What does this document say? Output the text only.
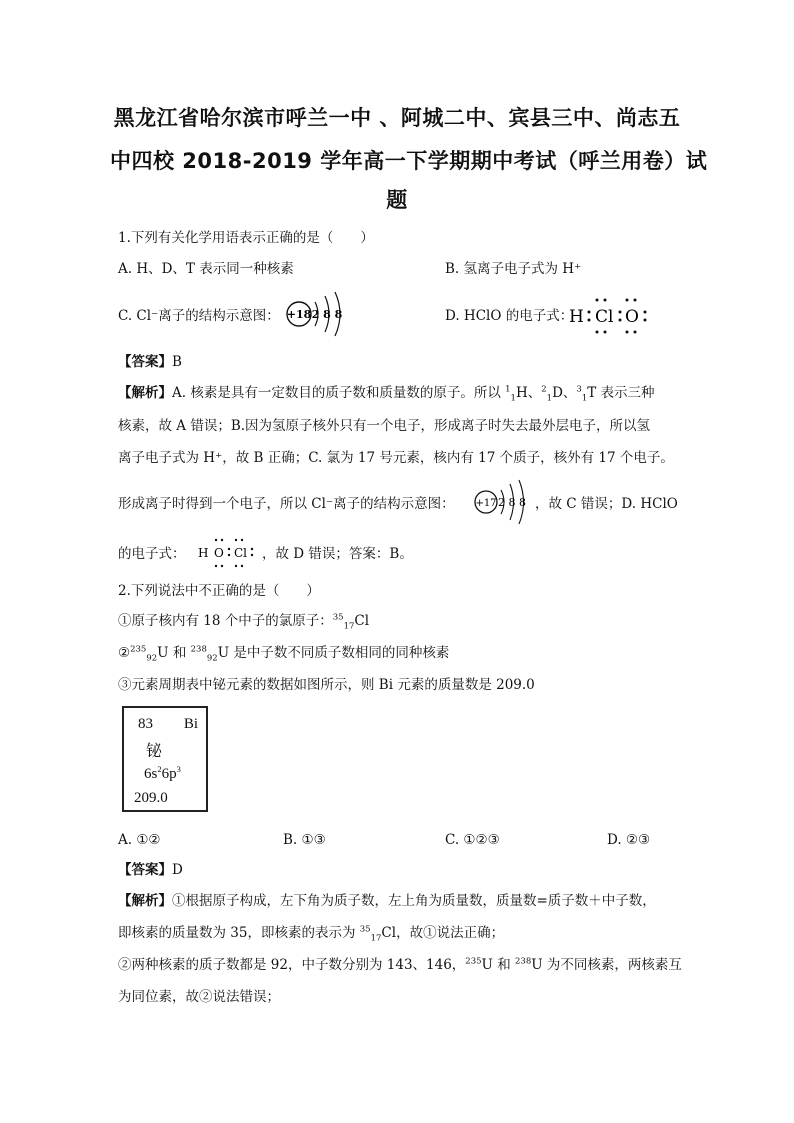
黑龙江省哈尔滨市呼兰一中 、阿城二中、宾县三中、尚志五
中四校 2018-2019 学年高一下学期期中考试（呼兰用卷）试
题
1.下列有关化学用语表示正确的是（　　）
A. H、D、T 表示同一种核素	B. 氢离子电子式为 H⁺
C. Cl⁻离子的结构示意图： +18 2 8 8	D. HClO 的电子式：
H Cl O
【答案】B
【解析】A. 核素是具有一定数目的质子数和质量数的原子。所以 $^1_1$H、$^2_1$D、$^3_1$T 表示三种
核素，故 A 错误；B.因为氢原子核外只有一个电子，形成离子时失去最外层电子，所以氢
离子电子式为 H⁺，故 B 正确；C. 氯为 17 号元素，核内有 17 个质子，核外有 17 个电子。
形成离子时得到一个电子，所以 Cl⁻离子的结构示意图： +17 2 8 8 ，故 C 错误；D. HClO
的电子式： H O Cl ，故 D 错误；答案：B。
2.下列说法中不正确的是（　　）
①原子核内有 18 个中子的氯原子：$^{35}_{17}$Cl
②$^{235}_{92}$U 和 $^{238}_{92}$U 是中子数不同质子数相同的同种核素
③元素周期表中铋元素的数据如图所示，则 Bi 元素的质量数是 209.0
83 Bi
铋
$6s^26p^3$
209.0
A. ①②	B. ①③	C. ①②③	D. ②③
【答案】D
【解析】①根据原子构成，左下角为质子数，左上角为质量数，质量数=质子数＋中子数，
即核素的质量数为 35，即核素的表示为 $^{35}_{17}$Cl，故①说法正确；
②两种核素的质子数都是 92，中子数分别为 143、146，$^{235}$U 和 $^{238}$U 为不同核素，两核素互
为同位素，故②说法错误；
